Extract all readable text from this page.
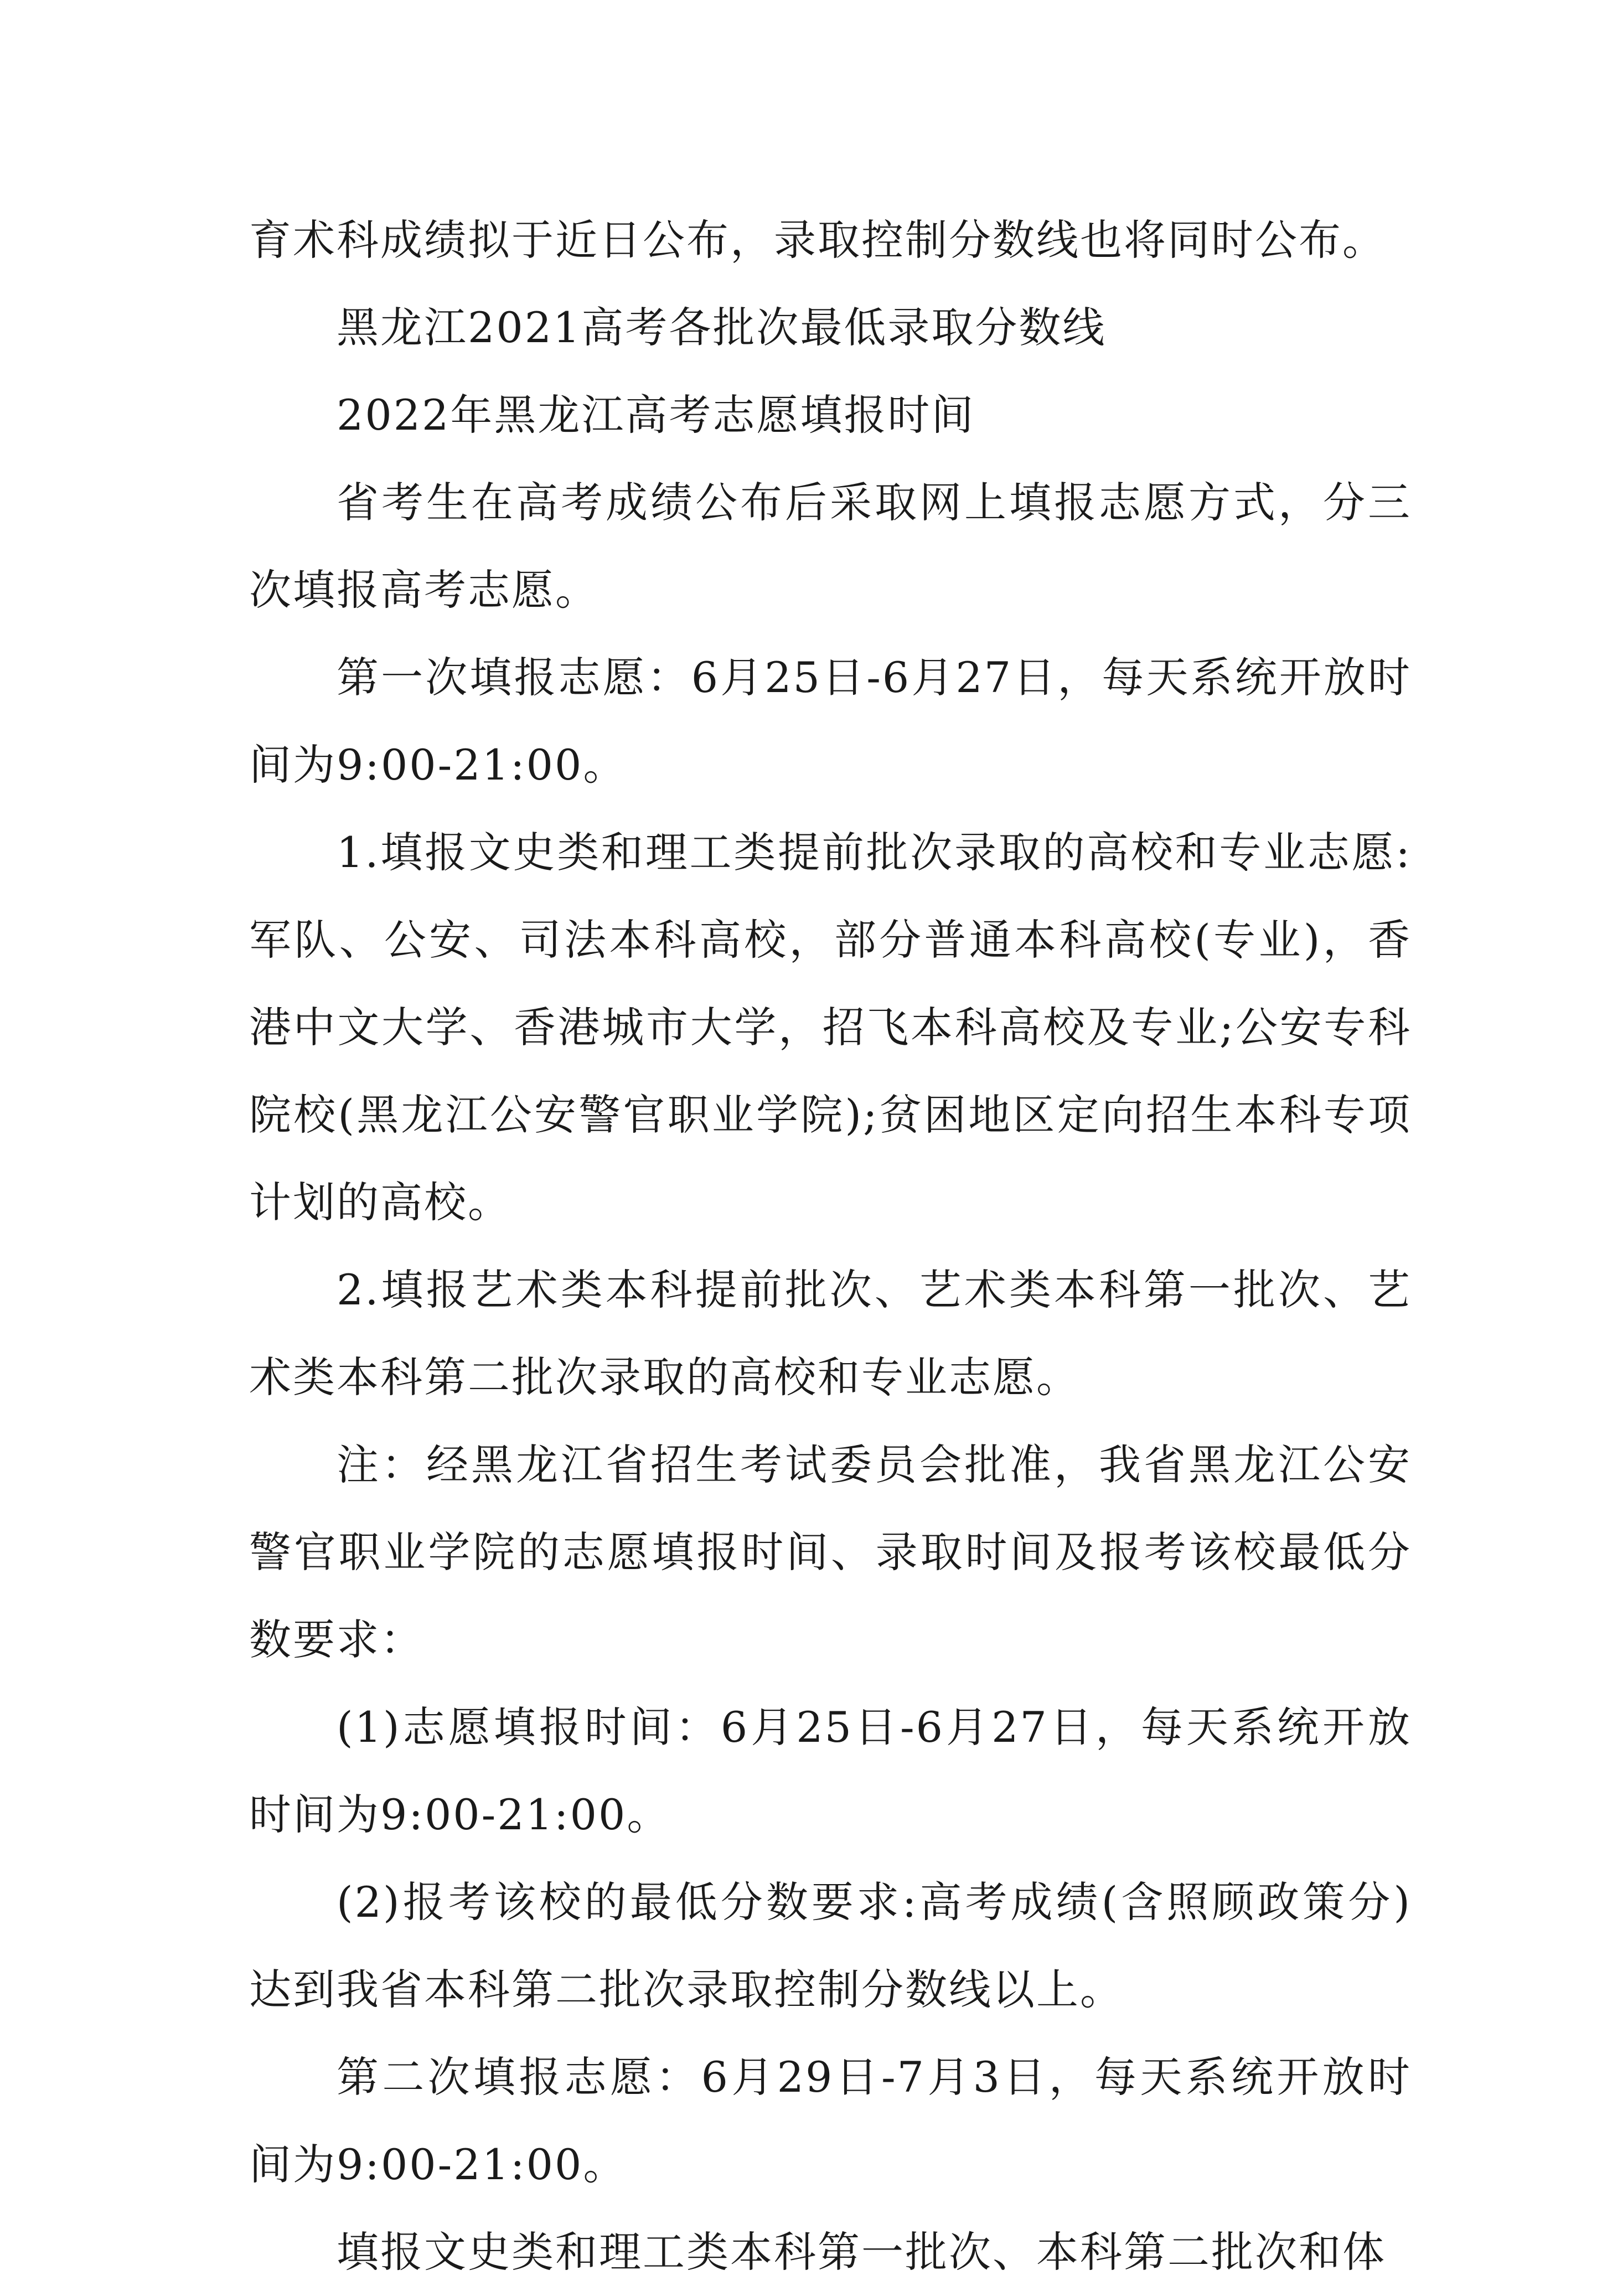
育术科成绩拟于近日公布，录取控制分数线也将同时公布。

黑龙江2021高考各批次最低录取分数线

2022年黑龙江高考志愿填报时间

省考生在高考成绩公布后采取网上填报志愿方式，分三次填报高考志愿。

第一次填报志愿：6月25日-6月27日，每天系统开放时间为9:00-21:00。

1.填报文史类和理工类提前批次录取的高校和专业志愿:军队、公安、司法本科高校，部分普通本科高校(专业)，香港中文大学、香港城市大学，招飞本科高校及专业;公安专科院校(黑龙江公安警官职业学院);贫困地区定向招生本科专项计划的高校。

2.填报艺术类本科提前批次、艺术类本科第一批次、艺术类本科第二批次录取的高校和专业志愿。

注：经黑龙江省招生考试委员会批准，我省黑龙江公安警官职业学院的志愿填报时间、录取时间及报考该校最低分数要求：

(1)志愿填报时间：6月25日-6月27日，每天系统开放时间为9:00-21:00。

(2)报考该校的最低分数要求:高考成绩(含照顾政策分)达到我省本科第二批次录取控制分数线以上。

第二次填报志愿：6月29日-7月3日，每天系统开放时间为9:00-21:00。

填报文史类和理工类本科第一批次、本科第二批次和体
